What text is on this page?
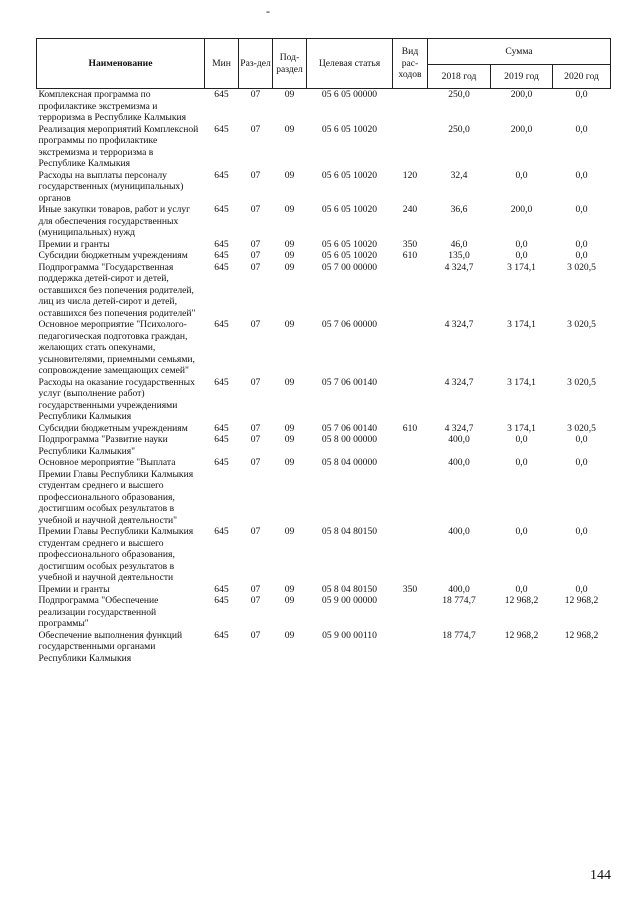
-
Наименование	Мин	Раз-дел	Под-раздел	Целевая статья	Вид рас-ходов	Сумма		
						2018 год	2019 год	2020 год
Комплексная программа по профилактике экстремизма и терроризма в Республике Калмыкия	645	07	09	05 6 05 00000		250,0	200,0	0,0
Реализация мероприятий Комплексной программы по профилактике экстремизма и терроризма в Республике Калмыкия	645	07	09	05 6 05 10020		250,0	200,0	0,0
Расходы на выплаты персоналу государственных (муниципальных) органов	645	07	09	05 6 05 10020	120	32,4	0,0	0,0
Иные закупки товаров, работ и услуг для обеспечения государственных (муниципальных) нужд	645	07	09	05 6 05 10020	240	36,6	200,0	0,0
Премии и гранты	645	07	09	05 6 05 10020	350	46,0	0,0	0,0
Субсидии бюджетным учреждениям	645	07	09	05 6 05 10020	610	135,0	0,0	0,0
Подпрограмма "Государственная поддержка детей-сирот и детей, оставшихся без попечения родителей, лиц из числа детей-сирот и детей, оставшихся без попечения родителей"	645	07	09	05 7 00 00000		4 324,7	3 174,1	3 020,5
Основное мероприятие "Психолого-педагогическая подготовка граждан, желающих стать опекунами, усыновителями, приемными семьями, сопровождение замещающих семей"	645	07	09	05 7 06 00000		4 324,7	3 174,1	3 020,5
Расходы на оказание государственных услуг (выполнение работ) государственными учреждениями Республики Калмыкия	645	07	09	05 7 06 00140		4 324,7	3 174,1	3 020,5
Субсидии бюджетным учреждениям	645	07	09	05 7 06 00140	610	4 324,7	3 174,1	3 020,5
Подпрограмма "Развитие науки Республики Калмыкия"	645	07	09	05 8 00 00000		400,0	0,0	0,0
Основное мероприятие "Выплата Премии Главы Республики Калмыкия студентам среднего и высшего профессионального образования, достигшим особых результатов в учебной и научной деятельности"	645	07	09	05 8 04 00000		400,0	0,0	0,0
Премии Главы Республики Калмыкия студентам среднего и высшего профессионального образования, достигшим особых результатов в учебной и научной деятельности	645	07	09	05 8 04 80150		400,0	0,0	0,0
Премии и гранты	645	07	09	05 8 04 80150	350	400,0	0,0	0,0
Подпрограмма "Обеспечение реализации государственной программы"	645	07	09	05 9 00 00000		18 774,7	12 968,2	12 968,2
Обеспечение выполнения функций государственными органами Республики Калмыкия	645	07	09	05 9 00 00110		18 774,7	12 968,2	12 968,2
144
